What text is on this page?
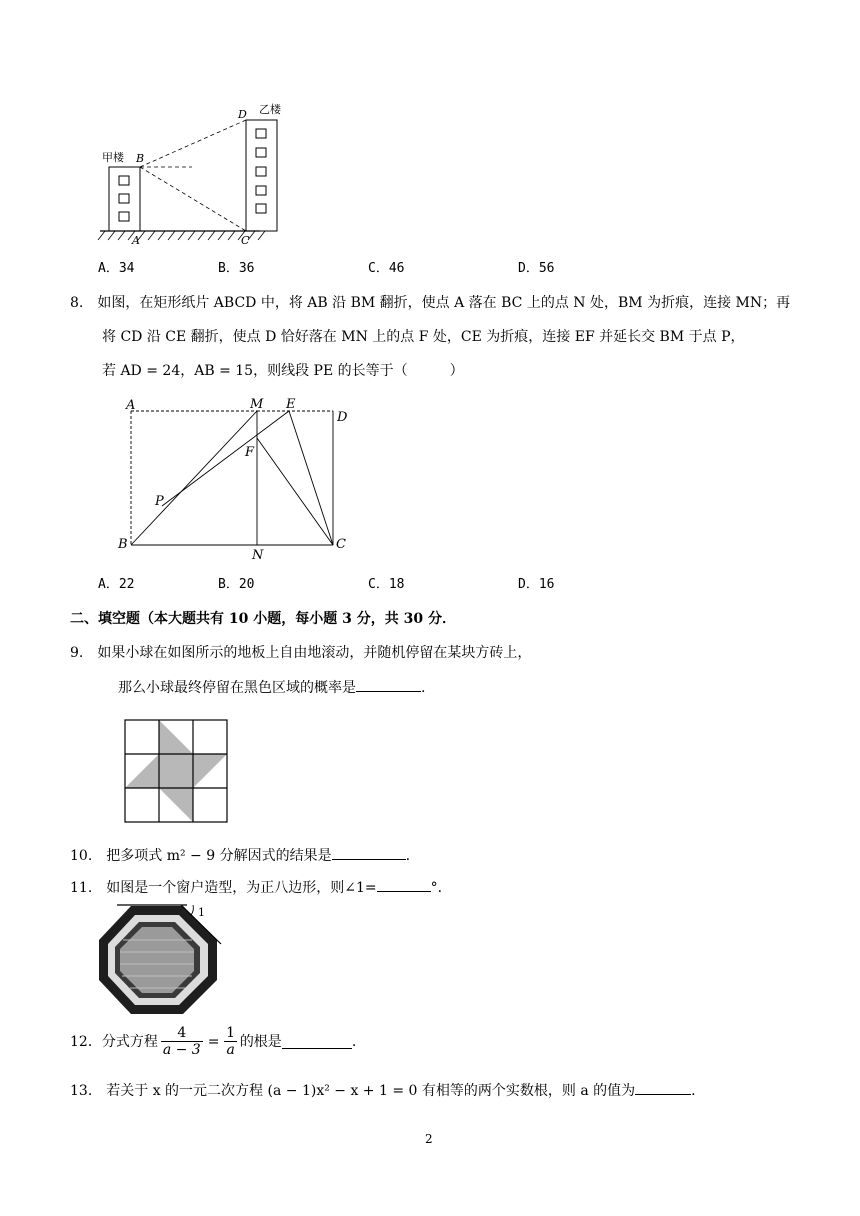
甲楼
乙楼
B
D
A	C
A．34	B．36	C．46	D．56
8.　如图，在矩形纸片 ABCD 中，将 AB 沿 BM 翻折，使点 A 落在 BC 上的点 N 处，BM 为折痕，连接 MN；再
将 CD 沿 CE 翻折，使点 D 恰好落在 MN 上的点 F 处，CE 为折痕，连接 EF 并延长交 BM 于点 P，
若 AD = 24，AB = 15，则线段 PE 的长等于（　　　）
A	M E
D
F
P
B
N
C
A．22	B．20	C．18	D．16
二、填空题（本大题共有 10 小题，每小题 3 分，共 30 分．
9.　如果小球在如图所示的地板上自由地滚动，并随机停留在某块方砖上，
那么小球最终停留在黑色区域的概率是	.
10.　把多项式 m² − 9 分解因式的结果是	.
11.　如图是一个窗户造型，为正八边形，则∠1=	°．
1
12．分式方程 $\frac{4}{a - 3} = \frac{1}{a}$ 的根是	.
13.　若关于 x 的一元二次方程 (a − 1)x² − x + 1 = 0 有相等的两个实数根，则 a 的值为	.
2
